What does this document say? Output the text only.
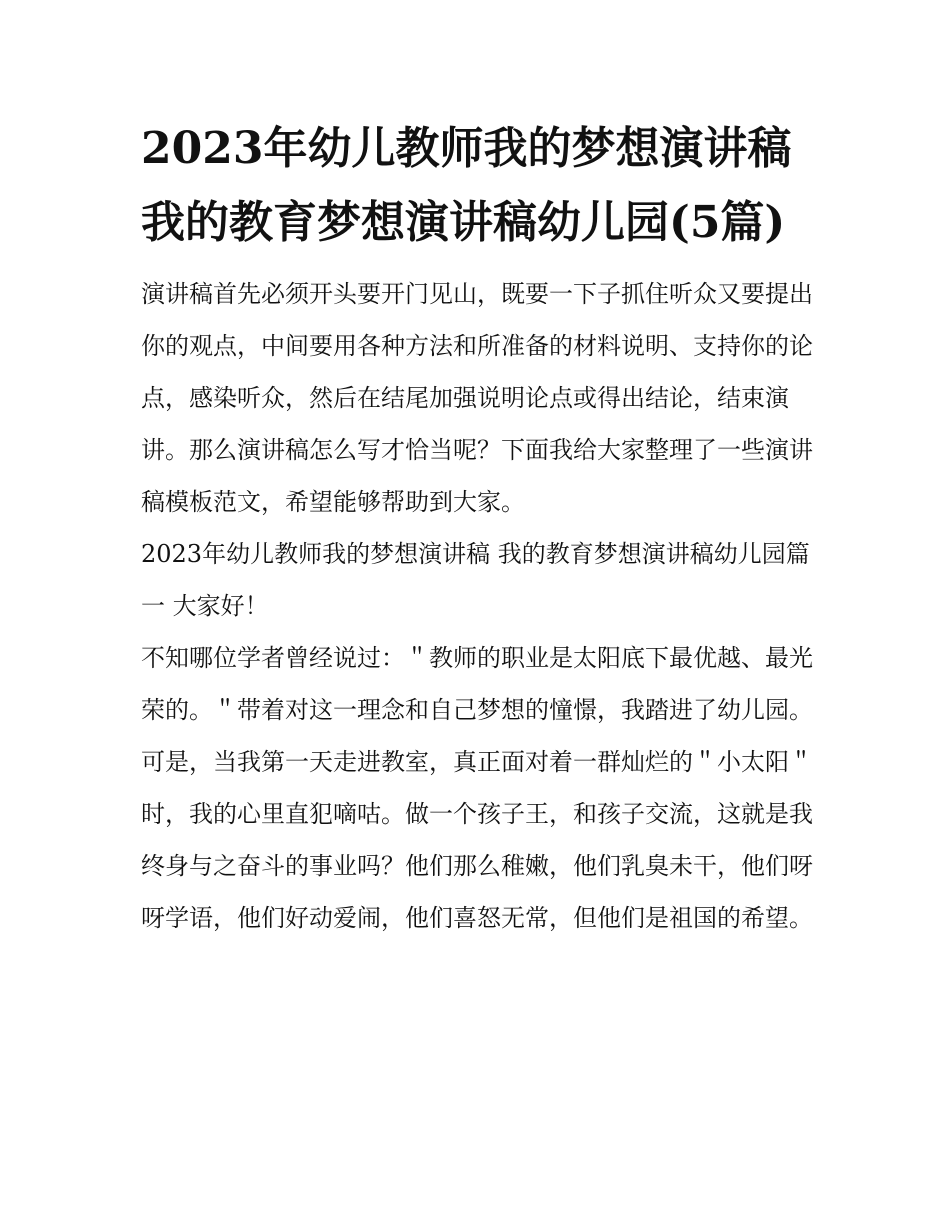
2023年幼儿教师我的梦想演讲稿 我的教育梦想演讲稿幼儿园(5篇)

演讲稿首先必须开头要开门见山，既要一下子抓住听众又要提出你的观点，中间要用各种方法和所准备的材料说明、支持你的论点，感染听众，然后在结尾加强说明论点或得出结论，结束演讲。那么演讲稿怎么写才恰当呢？下面我给大家整理了一些演讲稿模板范文，希望能够帮助到大家。

2023年幼儿教师我的梦想演讲稿 我的教育梦想演讲稿幼儿园篇一 大家好！

不知哪位学者曾经说过：＂教师的职业是太阳底下最优越、最光荣的。＂带着对这一理念和自己梦想的憧憬，我踏进了幼儿园。

可是，当我第一天走进教室，真正面对着一群灿烂的＂小太阳＂时，我的心里直犯嘀咕。做一个孩子王，和孩子交流，这就是我终身与之奋斗的事业吗？他们那么稚嫩，他们乳臭未干，他们呀呀学语，他们好动爱闹，他们喜怒无常，但他们是祖国的希望。
